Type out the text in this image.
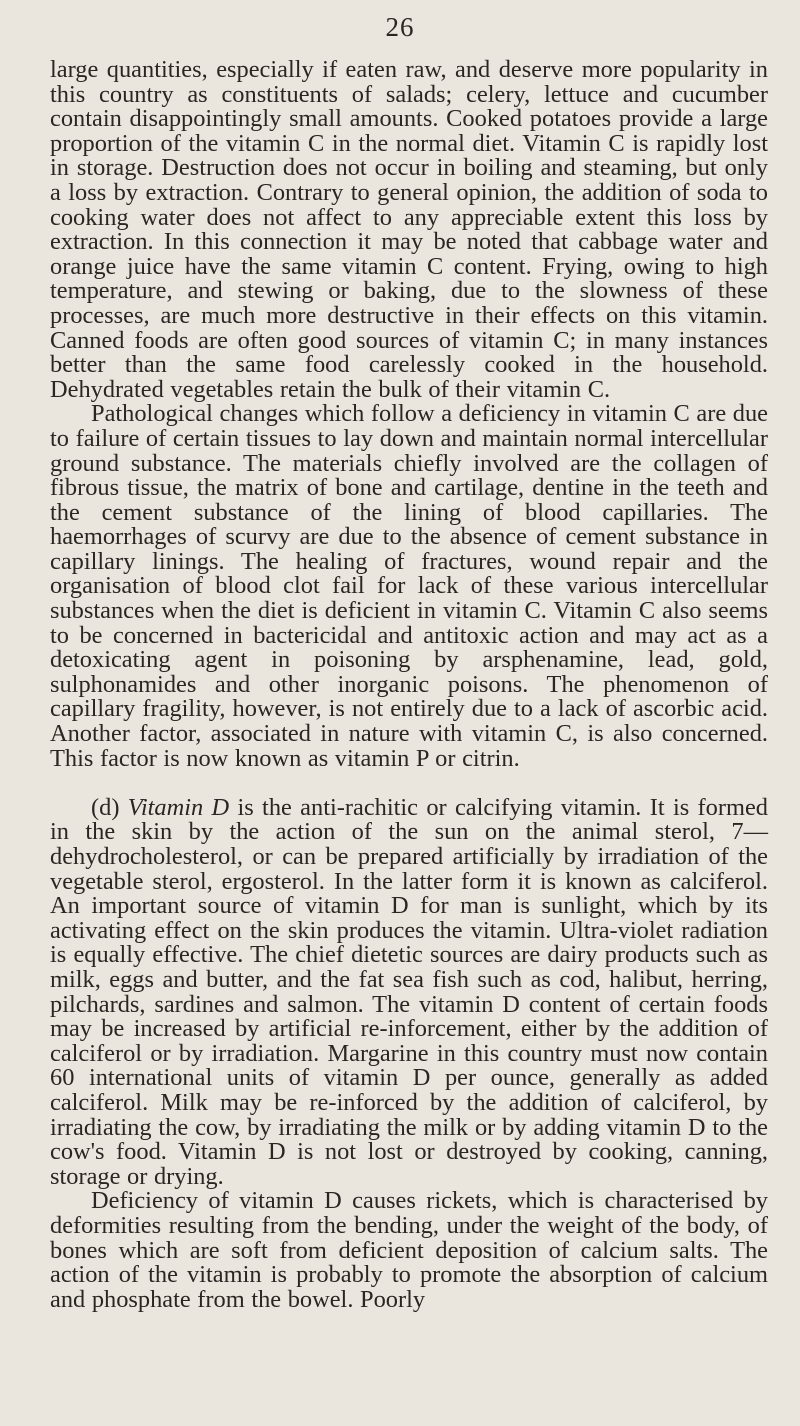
26

large quantities, especially if eaten raw, and deserve more popularity in this country as constituents of salads; celery, lettuce and cucumber contain disappointingly small amounts. Cooked potatoes provide a large proportion of the vitamin C in the normal diet. Vitamin C is rapidly lost in storage. Destruction does not occur in boiling and steaming, but only a loss by extraction. Contrary to general opinion, the addition of soda to cooking water does not affect to any appreciable extent this loss by extraction. In this connection it may be noted that cabbage water and orange juice have the same vitamin C content. Frying, owing to high temperature, and stewing or baking, due to the slowness of these processes, are much more destructive in their effects on this vitamin. Canned foods are often good sources of vitamin C; in many instances better than the same food carelessly cooked in the household. Dehydrated vegetables retain the bulk of their vitamin C.

Pathological changes which follow a deficiency in vitamin C are due to failure of certain tissues to lay down and maintain normal intercellular ground substance. The materials chiefly involved are the collagen of fibrous tissue, the matrix of bone and cartilage, dentine in the teeth and the cement substance of the lining of blood capillaries. The haemorrhages of scurvy are due to the absence of cement substance in capillary linings. The healing of fractures, wound repair and the organisation of blood clot fail for lack of these various intercellular substances when the diet is deficient in vitamin C. Vitamin C also seems to be concerned in bactericidal and antitoxic action and may act as a detoxicating agent in poisoning by arsphenamine, lead, gold, sulphonamides and other inorganic poisons. The phenomenon of capillary fragility, however, is not entirely due to a lack of ascorbic acid. Another factor, associated in nature with vitamin C, is also concerned. This factor is now known as vitamin P or citrin.

(d) Vitamin D is the anti-rachitic or calcifying vitamin. It is formed in the skin by the action of the sun on the animal sterol, 7—dehydrocholesterol, or can be prepared artificially by irradiation of the vegetable sterol, ergosterol. In the latter form it is known as calciferol. An important source of vitamin D for man is sunlight, which by its activating effect on the skin produces the vitamin. Ultra-violet radiation is equally effective. The chief dietetic sources are dairy products such as milk, eggs and butter, and the fat sea fish such as cod, halibut, herring, pilchards, sardines and salmon. The vitamin D content of certain foods may be increased by artificial re-inforcement, either by the addition of calciferol or by irradiation. Margarine in this country must now contain 60 international units of vitamin D per ounce, generally as added calciferol. Milk may be re-inforced by the addition of calciferol, by irradiating the cow, by irradiating the milk or by adding vitamin D to the cow's food. Vitamin D is not lost or destroyed by cooking, canning, storage or drying.

Deficiency of vitamin D causes rickets, which is characterised by deformities resulting from the bending, under the weight of the body, of bones which are soft from deficient deposition of calcium salts. The action of the vitamin is probably to promote the absorption of calcium and phosphate from the bowel. Poorly
